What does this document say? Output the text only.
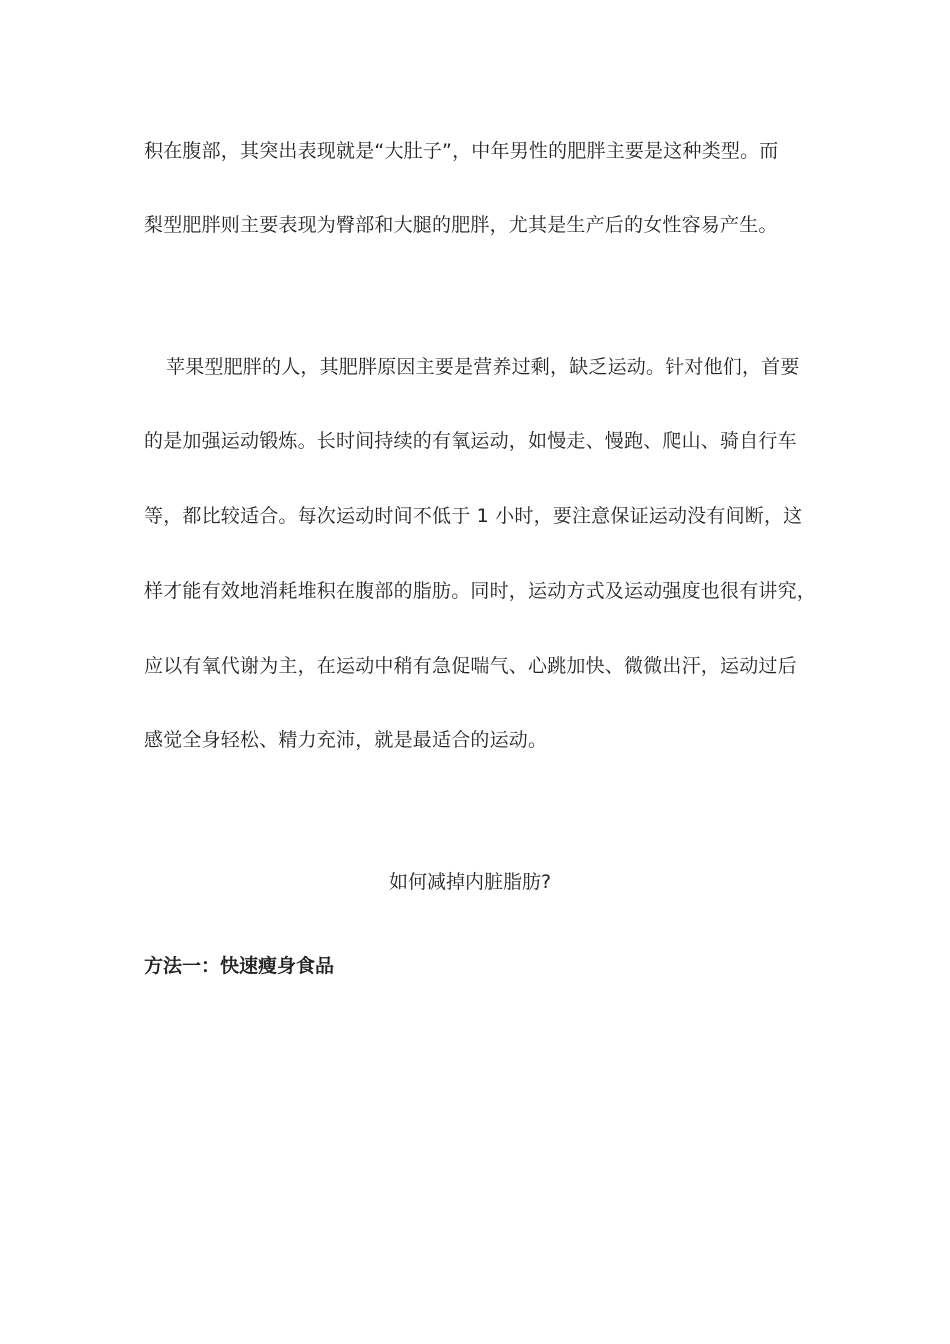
积在腹部，其突出表现就是“大肚子”，中年男性的肥胖主要是这种类型。而
梨型肥胖则主要表现为臀部和大腿的肥胖，尤其是生产后的女性容易产生。
苹果型肥胖的人，其肥胖原因主要是营养过剩，缺乏运动。针对他们，首要
的是加强运动锻炼。长时间持续的有氧运动，如慢走、慢跑、爬山、骑自行车
等，都比较适合。每次运动时间不低于 1 小时，要注意保证运动没有间断，这
样才能有效地消耗堆积在腹部的脂肪。同时，运动方式及运动强度也很有讲究，
应以有氧代谢为主，在运动中稍有急促喘气、心跳加快、微微出汗，运动过后
感觉全身轻松、精力充沛，就是最适合的运动。
如何减掉内脏脂肪?
方法一：快速瘦身食品
